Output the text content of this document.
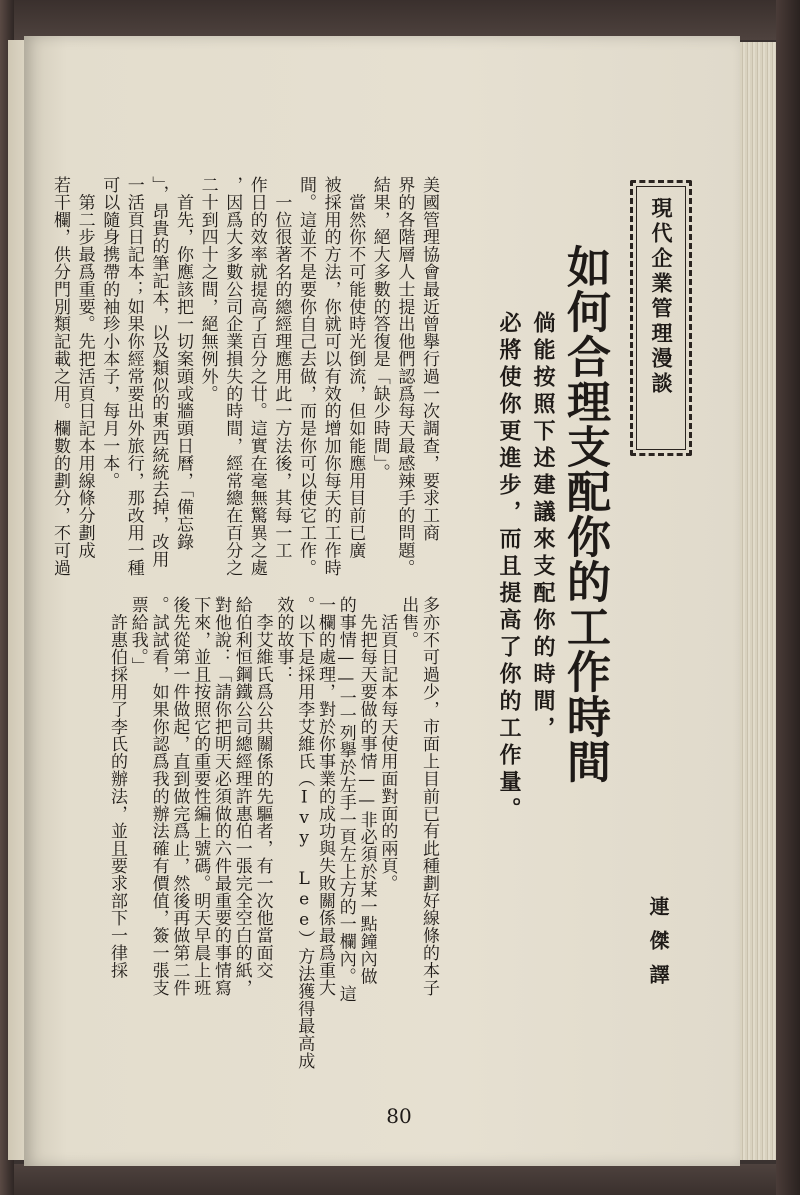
現代企業管理漫談
如何合理支配你的工作時間
倘能按照下述建議來支配你的時間，
必將使你更進步，而且提高了你的工作量。
連傑譯
美國管理協會最近曾擧行過一次調查，要求工商
界的各階層人士提出他們認爲每天最感辣手的問題。
結果，絕大多數的答復是「缺少時間」。
　當然你不可能使時光倒流，但如能應用目前已廣
被採用的方法，你就可以有效的增加你每天的工作時
間。這並不是要你自己去做，而是你可以使它工作。
　一位很著名的總經理應用此一方法後，其每一工
作日的效率就提高了百分之廿。這實在毫無驚異之處
，因爲大多數公司企業損失的時間，經常總在百分之
二十到四十之間，絕無例外。
　首先，你應該把一切案頭或牆頭日曆，「備忘錄
」，昂貴的筆記本，以及類似的東西統統去掉，改用
一活頁日記本；如果你經常要出外旅行，那改用一種
可以隨身携帶的袖珍小本子，每月一本。
　第二步最爲重要。先把活頁日記本用線條分劃成
若干欄，供分門別類記載之用。欄數的劃分，不可過
多亦不可過少，市面上目前已有此種劃好線條的本子
出售。
　活頁日記本每天使用面對面的兩頁。
　先把每天要做的事情——非必須於某一點鐘內做
的事情——一一列擧於左手一頁左上方的一欄內。這
一欄的處理，對於你事業的成功與失敗關係最爲重大
。以下是採用李艾維氏（Ivy Lee）方法獲得最高成
效的故事：
　李艾維氏爲公共關係的先驅者，有一次他當面交
給伯利恒鋼鐵公司總經理許惠伯一張完全空白的紙，
對他說：「請你把明天必須做的六件最重要的事情寫
下來，並且按照它的重要性編上號碼。明天早晨上班
後先從第一件做起，直到做完爲止，然後再做第二件
。試試看，如果你認爲我的辦法確有價值，簽一張支
票給我。」
　許惠伯採用了李氏的辦法，並且要求部下一律採
80
